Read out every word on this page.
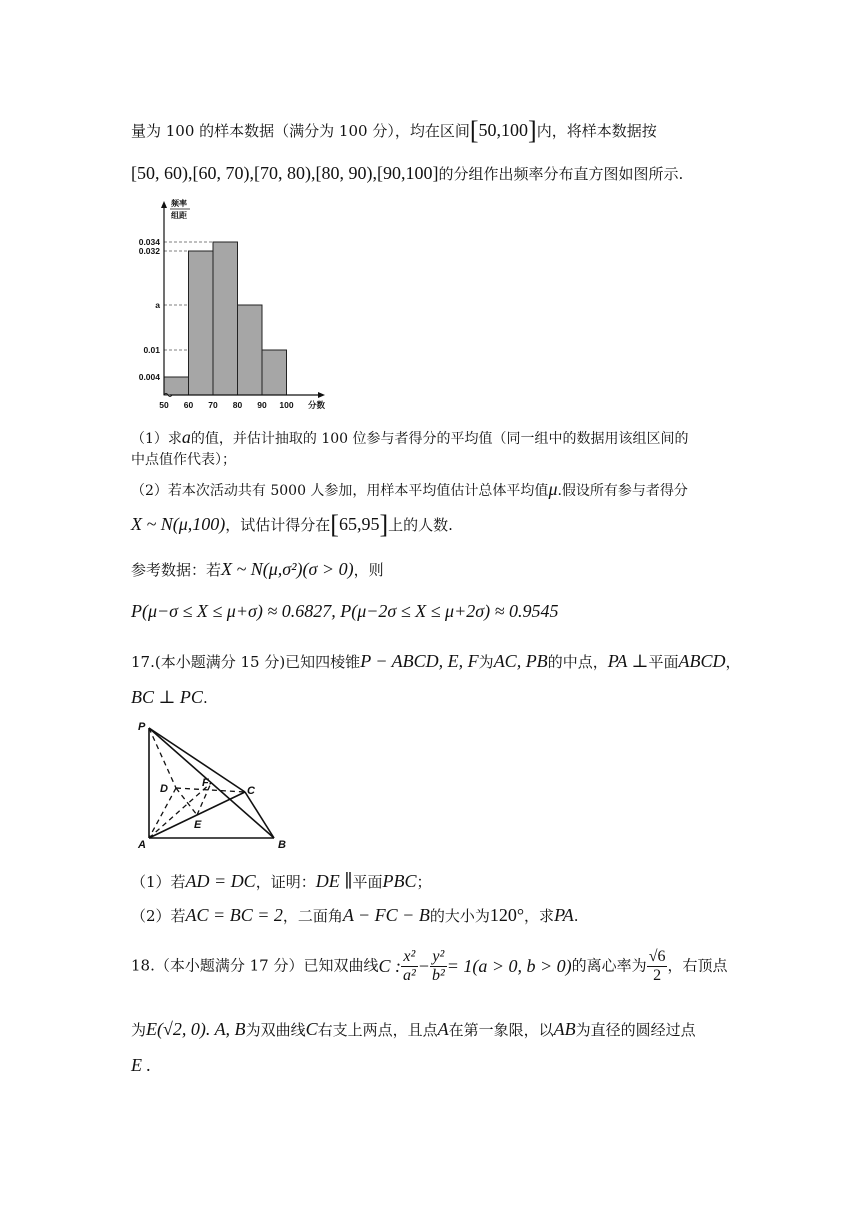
量为 100 的样本数据（满分为 100 分），均在区间[50,100]内，将样本数据按
[50, 60),[60, 70),[70, 80),[80, 90),[90,100]的分组作出频率分布直方图如图所示.
0.004
0.01
a
0.032
0.034
50 60 70 80 90 100 分数
频率
组距
（1）求a的值，并估计抽取的 100 位参与者得分的平均值（同一组中的数据用该组区间的
中点值作代表）；
（2）若本次活动共有 5000 人参加，用样本平均值估计总体平均值μ.假设所有参与者得分
X ~ N(μ,100)，试估计得分在[65,95]上的人数.
参考数据：若X ~ N(μ,σ²)(σ > 0)，则
P(μ−σ ≤ X ≤ μ+σ) ≈ 0.6827, P(μ−2σ ≤ X ≤ μ+2σ) ≈ 0.9545
17.(本小题满分 15 分)已知四棱锥P − ABCD, E, F为AC, PB的中点，PA ⊥平面ABCD，
BC ⊥ PC.
P
A	B
C
D
E
F
（1）若AD = DC，证明：DE ∥平面PBC；
（2）若AC = BC = 2，二面角A − FC − B的大小为120°，求PA.
18.（本小题满分 17 分）已知双曲线C : $\frac{\text{x²}}{\text{a²}} - \frac{\text{y²}}{\text{b²}} = 1(a > 0$, b > 0)的离心率为 $\frac{√6}{2}$ ，右顶点
为E(√2, 0). A, B为双曲线C右支上两点，且点A在第一象限，以AB为直径的圆经过点
E .
